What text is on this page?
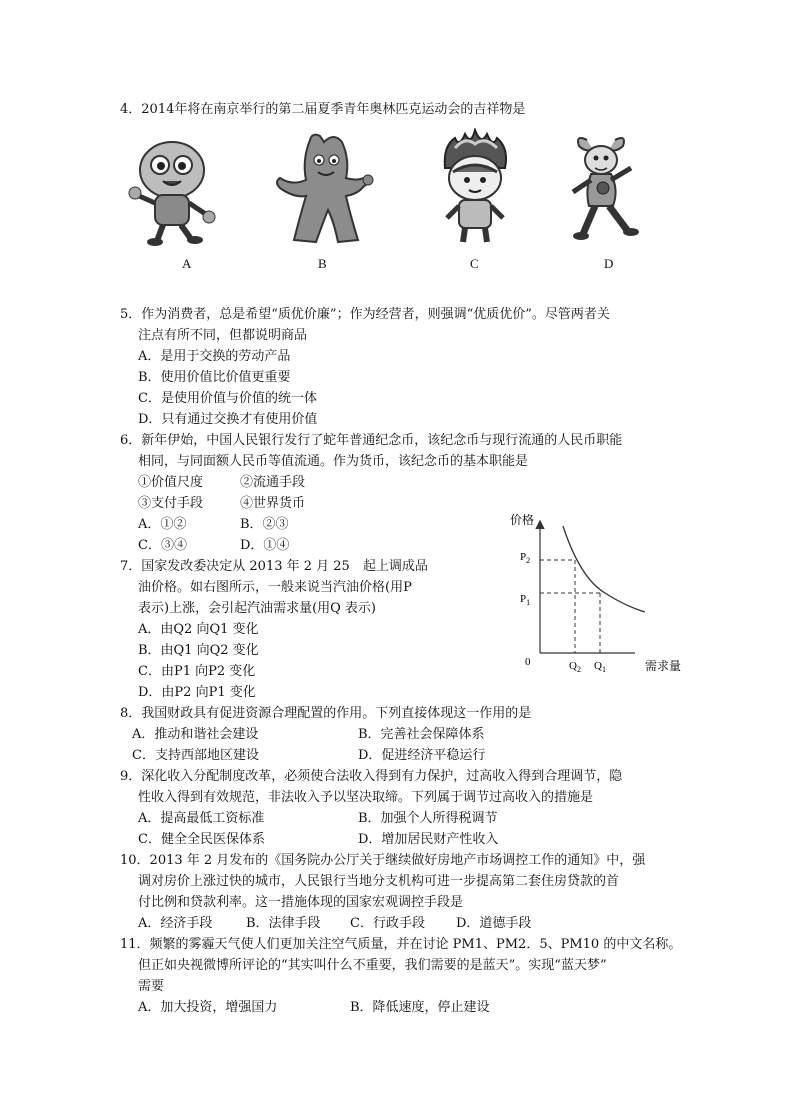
4．2014年将在南京举行的第二届夏季青年奥林匹克运动会的吉祥物是
A	B	C	D
5．作为消费者，总是希望“质优价廉”；作为经营者，则强调“优质优价”。尽管两者关
注点有所不同，但都说明商品
A．是用于交换的劳动产品
B．使用价值比价值更重要
C．是使用价值与价值的统一体
D．只有通过交换才有使用价值
6．新年伊始，中国人民银行发行了蛇年普通纪念币，该纪念币与现行流通的人民币职能
相同，与同面额人民币等值流通。作为货币，该纪念币的基本职能是
①价值尺度	②流通手段
③支付手段	④世界货币
A．①②	B．②③
C．③④	D．①④
7．国家发改委决定从 2013 年 2 月 25　起上调成品
油价格。如右图所示，一般来说当汽油价格(用P
表示)上涨，会引起汽油需求量(用Q 表示)
A．由Q2 向Q1 变化
B．由Q1 向Q2 变化
C．由P1 向P2 变化
D．由P2 向P1 变化
价格
$P_2$
$P_1$
0	$Q_2$ $Q_1$	需求量
8．我国财政具有促进资源合理配置的作用。下列直接体现这一作用的是
A．推动和谐社会建设	B．完善社会保障体系
C．支持西部地区建设	D．促进经济平稳运行
9．深化收入分配制度改革，必须使合法收入得到有力保护，过高收入得到合理调节，隐
性收入得到有效规范，非法收入予以坚决取缔。下列属于调节过高收入的措施是
A．提高最低工资标准	B．加强个人所得税调节
C．健全全民医保体系	D．增加居民财产性收入
10．2013 年 2 月发布的《国务院办公厅关于继续做好房地产市场调控工作的通知》中，强
调对房价上涨过快的城市，人民银行当地分支机构可进一步提高第二套住房贷款的首
付比例和贷款利率。这一措施体现的国家宏观调控手段是
A．经济手段	B．法律手段 C．行政手段 D．道德手段
11．频繁的雾霾天气使人们更加关注空气质量，并在讨论 PM1、PM2．5、PM10 的中文名称。
但正如央视微博所评论的“其实叫什么不重要，我们需要的是蓝天”。实现“蓝天梦”
需要
A．加大投资，增强国力	B．降低速度，停止建设
